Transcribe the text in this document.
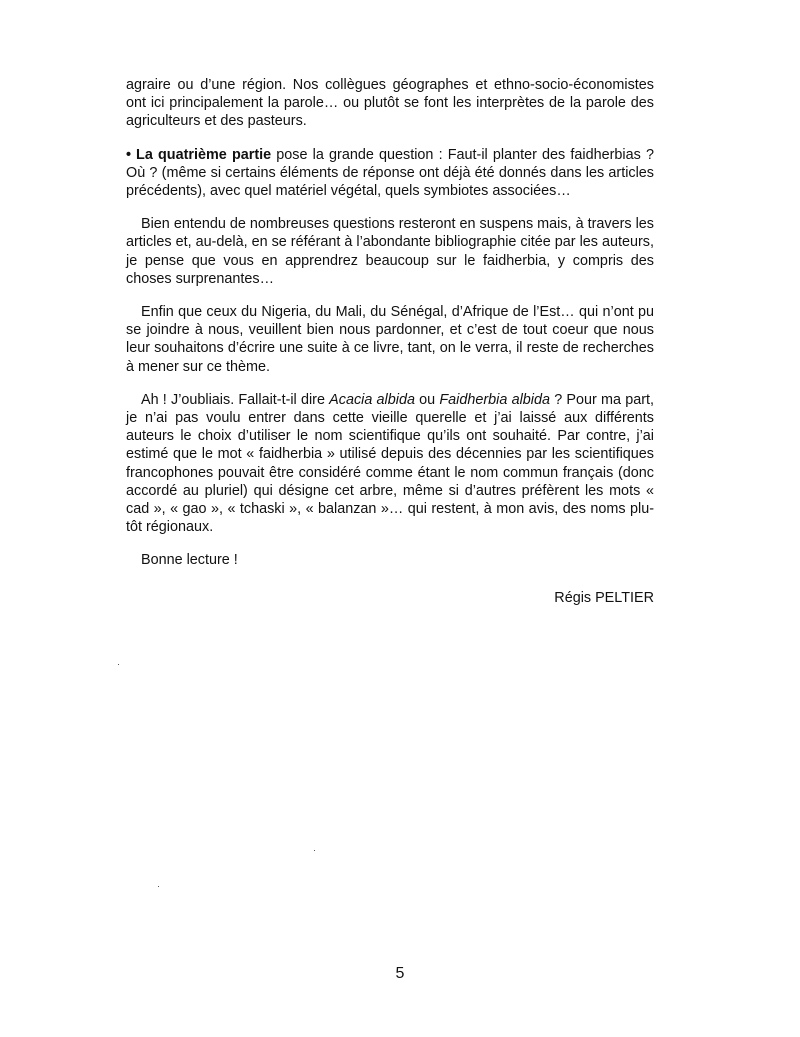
agraire ou d’une région. Nos collègues géographes et ethno-socio-économistes ont ici principalement la parole… ou plutôt se font les interprètes de la parole des agriculteurs et des pasteurs.

• La quatrième partie pose la grande question : Faut-il planter des faidherbias ? Où ? (même si certains éléments de réponse ont déjà été donnés dans les articles précédents), avec quel matériel végétal, quels symbiotes associées…

Bien entendu de nombreuses questions resteront en suspens mais, à travers les articles et, au-delà, en se référant à l’abondante bibliographie citée par les auteurs, je pense que vous en apprendrez beaucoup sur le faidherbia, y compris des choses surprenantes…

Enfin que ceux du Nigeria, du Mali, du Sénégal, d’Afrique de l’Est… qui n’ont pu se joindre à nous, veuillent bien nous pardonner, et c’est de tout coeur que nous leur souhaitons d’écrire une suite à ce livre, tant, on le verra, il reste de recherches à mener sur ce thème.

Ah ! J’oubliais. Fallait-t-il dire Acacia albida ou Faidherbia albida ? Pour ma part, je n’ai pas voulu entrer dans cette vieille querelle et j’ai laissé aux différents auteurs le choix d’utiliser le nom scientifique qu’ils ont souhaité. Par contre, j’ai estimé que le mot « faidherbia » utilisé depuis des décennies par les scientifiques francophones pouvait être considéré comme étant le nom commun français (donc accordé au pluriel) qui désigne cet arbre, même si d’autres préfèrent les mots « cad », « gao », « tchaski », « balanzan »… qui restent, à mon avis, des noms plu-tôt régionaux.

Bonne lecture !

Régis PELTIER

5
